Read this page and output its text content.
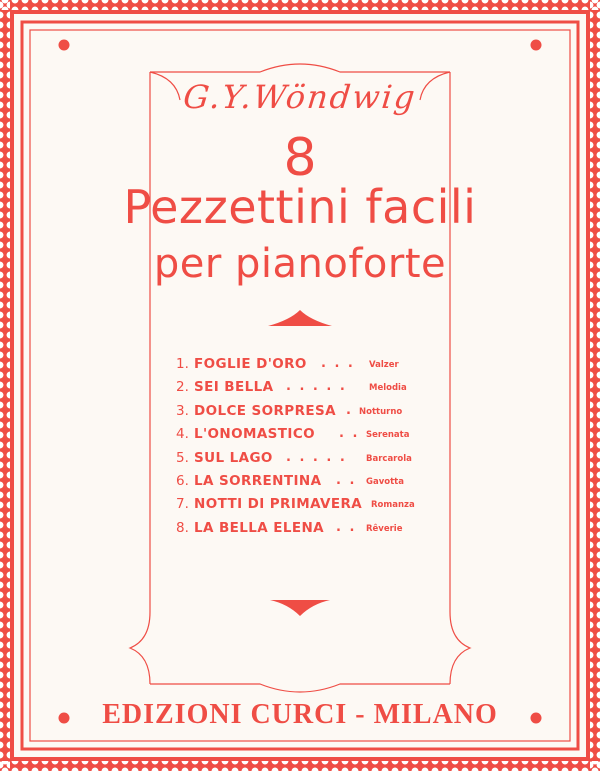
G.Y.Wöndwig
8
Pezzettini facili
per pianoforte
1. FOGLIE D'ORO . . . Valzer
2. SEI BELLA . . . . .	Melodia
3. DOLCE SORPRESA . Notturno
4. L'ONOMASTICO . . Serenata
5. SUL LAGO . . . . . Barcarola
6. LA SORRENTINA . . Gavotta
7. NOTTI DI PRIMAVERA Romanza
8. LA BELLA ELENA . . Rêverie
EDIZIONI CURCI - MILANO
